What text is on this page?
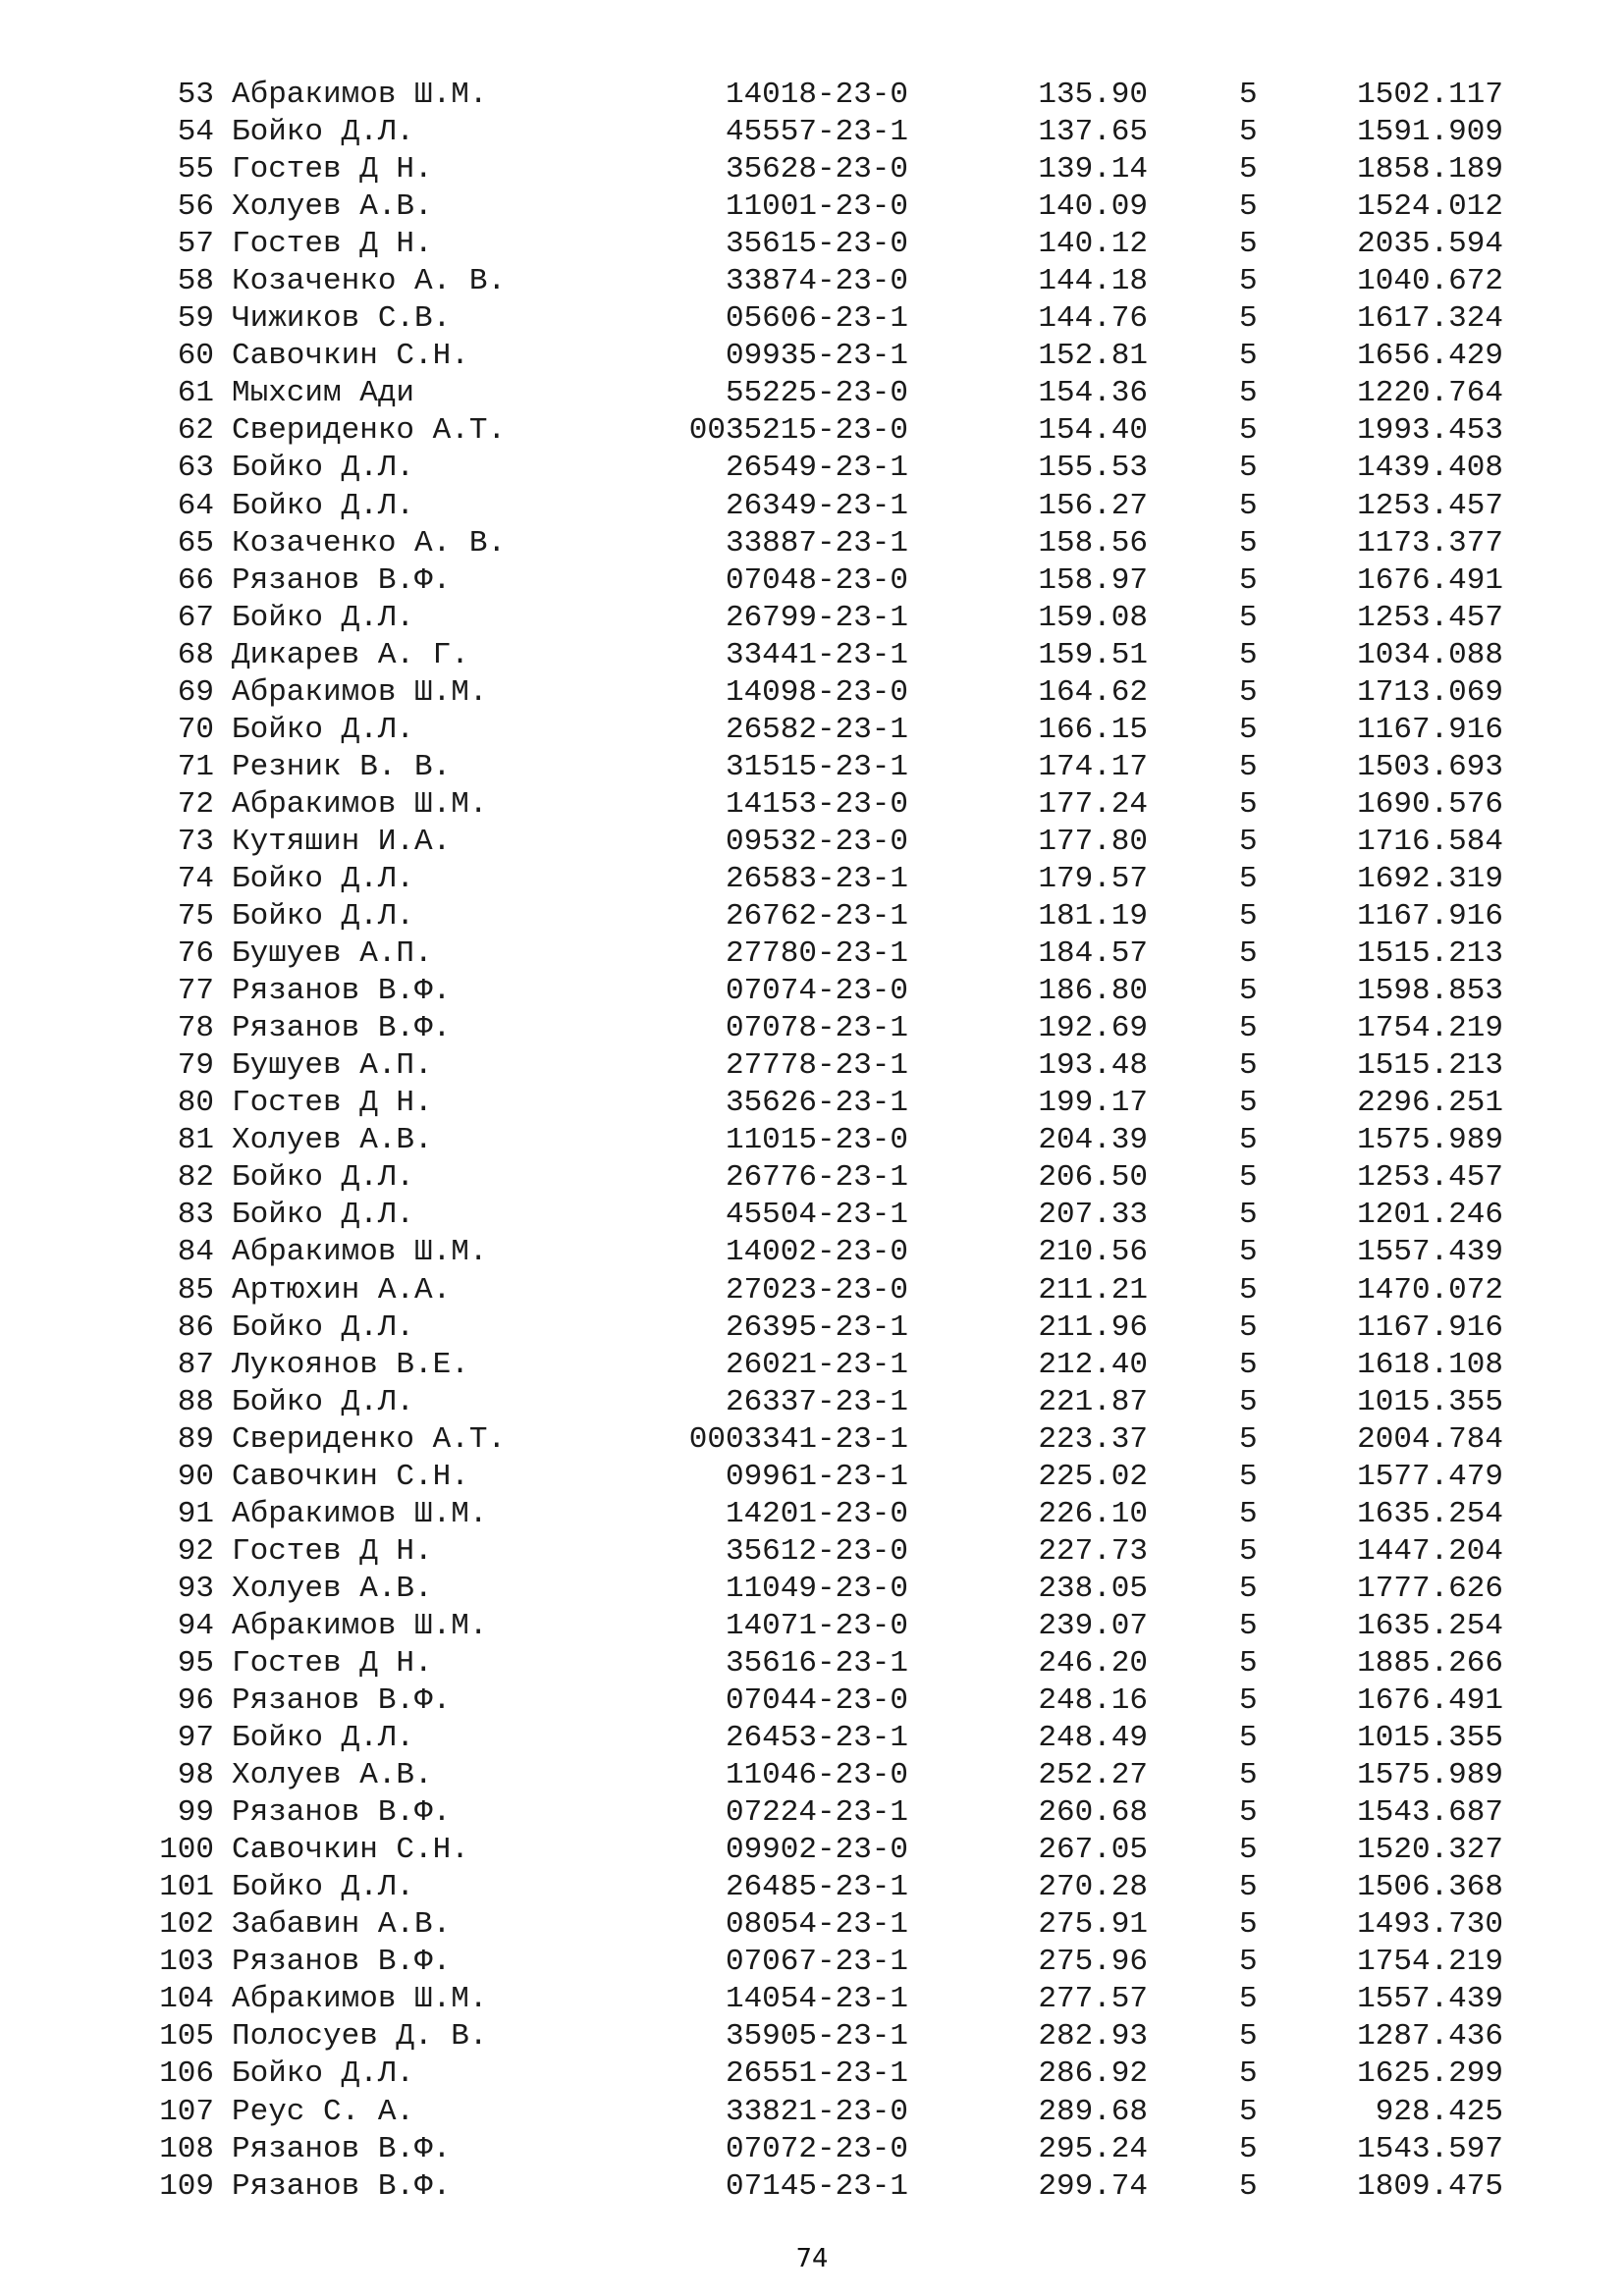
53 Абракимов Ш.М.	14018-23-0	135.90	5	1502.117
54 Бойко Д.Л.	45557-23-1	137.65	5	1591.909
55 Гостев Д Н.	35628-23-0	139.14	5	1858.189
56 Холуев А.В.	11001-23-0	140.09	5	1524.012
57 Гостев Д Н.	35615-23-0	140.12	5	2035.594
58 Козаченко А. В.	33874-23-0	144.18	5	1040.672
59 Чижиков С.В.	05606-23-1	144.76	5	1617.324
60 Савочкин С.Н.	09935-23-1	152.81	5	1656.429
61 Мыхсим Ади	55225-23-0	154.36	5	1220.764
62 Свериденко А.Т.	0035215-23-0	154.40	5	1993.453
63 Бойко Д.Л.	26549-23-1	155.53	5	1439.408
64 Бойко Д.Л.	26349-23-1	156.27	5	1253.457
65 Козаченко А. В.	33887-23-1	158.56	5	1173.377
66 Рязанов В.Ф.	07048-23-0	158.97	5	1676.491
67 Бойко Д.Л.	26799-23-1	159.08	5	1253.457
68 Дикарев А. Г.	33441-23-1	159.51	5	1034.088
69 Абракимов Ш.М.	14098-23-0	164.62	5	1713.069
70 Бойко Д.Л.	26582-23-1	166.15	5	1167.916
71 Резник В. В.	31515-23-1	174.17	5	1503.693
72 Абракимов Ш.М.	14153-23-0	177.24	5	1690.576
73 Кутяшин И.А.	09532-23-0	177.80	5	1716.584
74 Бойко Д.Л.	26583-23-1	179.57	5	1692.319
75 Бойко Д.Л.	26762-23-1	181.19	5	1167.916
76 Бушуев А.П.	27780-23-1	184.57	5	1515.213
77 Рязанов В.Ф.	07074-23-0	186.80	5	1598.853
78 Рязанов В.Ф.	07078-23-1	192.69	5	1754.219
79 Бушуев А.П.	27778-23-1	193.48	5	1515.213
80 Гостев Д Н.	35626-23-1	199.17	5	2296.251
81 Холуев А.В.	11015-23-0	204.39	5	1575.989
82 Бойко Д.Л.	26776-23-1	206.50	5	1253.457
83 Бойко Д.Л.	45504-23-1	207.33	5	1201.246
84 Абракимов Ш.М.	14002-23-0	210.56	5	1557.439
85 Артюхин А.А.	27023-23-0	211.21	5	1470.072
86 Бойко Д.Л.	26395-23-1	211.96	5	1167.916
87 Лукоянов В.Е.	26021-23-1	212.40	5	1618.108
88 Бойко Д.Л.	26337-23-1	221.87	5	1015.355
89 Свериденко А.Т.	0003341-23-1	223.37	5	2004.784
90 Савочкин С.Н.	09961-23-1	225.02	5	1577.479
91 Абракимов Ш.М.	14201-23-0	226.10	5	1635.254
92 Гостев Д Н.	35612-23-0	227.73	5	1447.204
93 Холуев А.В.	11049-23-0	238.05	5	1777.626
94 Абракимов Ш.М.	14071-23-0	239.07	5	1635.254
95 Гостев Д Н.	35616-23-1	246.20	5	1885.266
96 Рязанов В.Ф.	07044-23-0	248.16	5	1676.491
97 Бойко Д.Л.	26453-23-1	248.49	5	1015.355
98 Холуев А.В.	11046-23-0	252.27	5	1575.989
99 Рязанов В.Ф.	07224-23-1	260.68	5	1543.687
100 Савочкин С.Н.	09902-23-0	267.05	5	1520.327
101 Бойко Д.Л.	26485-23-1	270.28	5	1506.368
102 Забавин А.В.	08054-23-1	275.91	5	1493.730
103 Рязанов В.Ф.	07067-23-1	275.96	5	1754.219
104 Абракимов Ш.М.	14054-23-1	277.57	5	1557.439
105 Полосуев Д. В.	35905-23-1	282.93	5	1287.436
106 Бойко Д.Л.	26551-23-1	286.92	5	1625.299
107 Реус С. А.	33821-23-0	289.68	5	928.425
108 Рязанов В.Ф.	07072-23-0	295.24	5	1543.597
109 Рязанов В.Ф.	07145-23-1	299.74	5	1809.475
74
